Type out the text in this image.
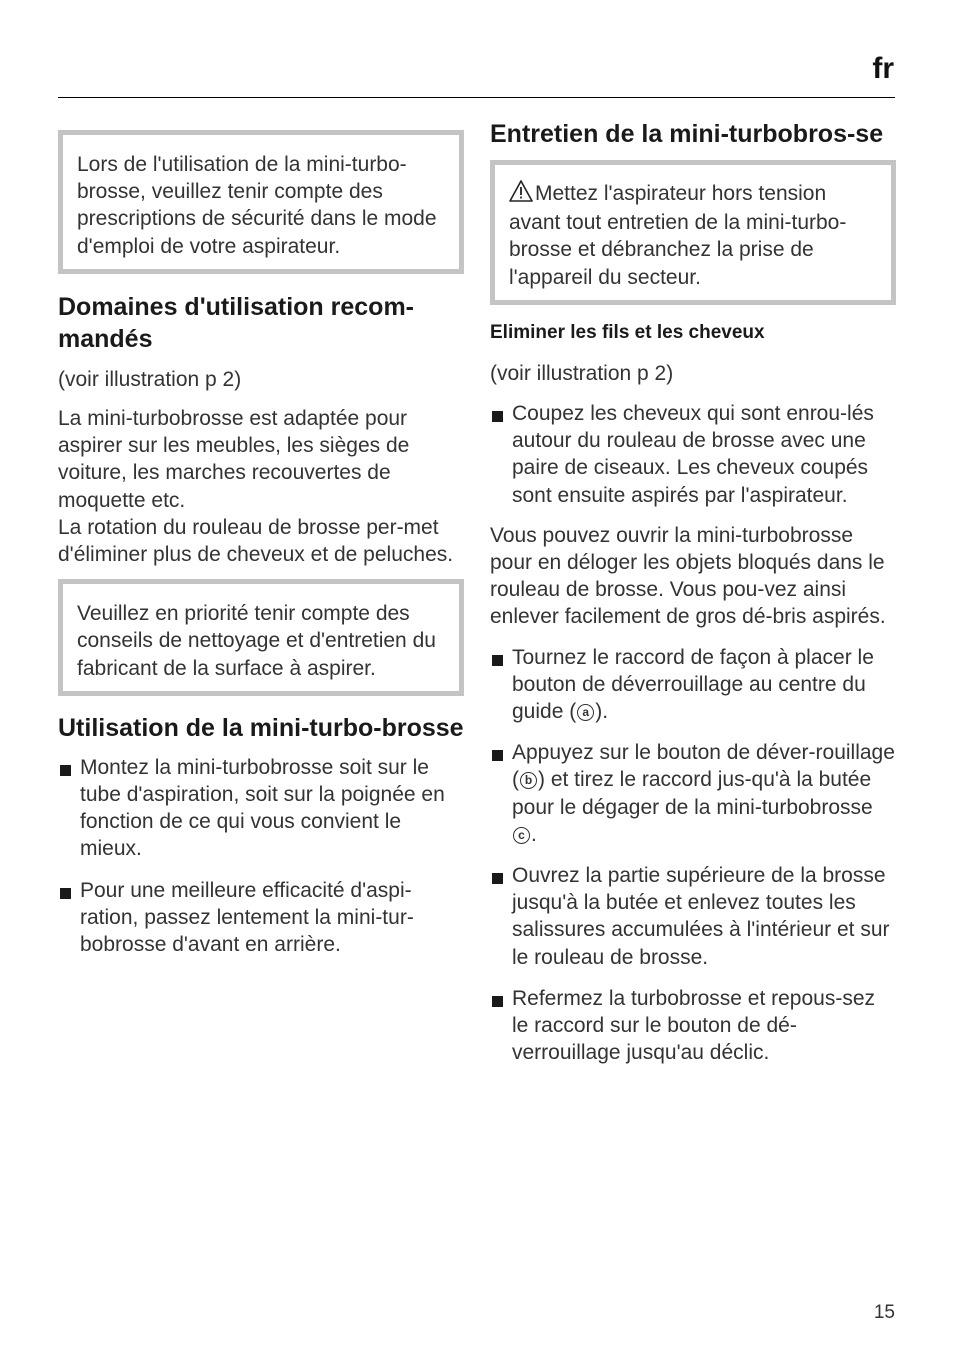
fr

Lors de l'utilisation de la mini-turbo-brosse, veuillez tenir compte des prescriptions de sécurité dans le mode d'emploi de votre aspirateur.

Domaines d'utilisation recom-mandés

(voir illustration p 2)

La mini-turbobrosse est adaptée pour aspirer sur les meubles, les sièges de voiture, les marches recouvertes de moquette etc.

La rotation du rouleau de brosse per-met d'éliminer plus de cheveux et de peluches.

Veuillez en priorité tenir compte des conseils de nettoyage et d'entretien du fabricant de la surface à aspirer.

Utilisation de la mini-turbo-brosse
Montez la mini-turbobrosse soit sur le tube d'aspiration, soit sur la poignée en fonction de ce qui vous convient le mieux.
Pour une meilleure efficacité d'aspi-ration, passez lentement la mini-tur-bobrosse d'avant en arrière.
Entretien de la mini-turbobros-se

Mettez l'aspirateur hors tension avant tout entretien de la mini-turbo-brosse et débranchez la prise de l'appareil du secteur.

Eliminer les fils et les cheveux

(voir illustration p 2)

Coupez les cheveux qui sont enrou-lés autour du rouleau de brosse avec une paire de ciseaux. Les cheveux coupés sont ensuite aspirés par l'aspirateur.

Vous pouvez ouvrir la mini-turbobrosse pour en déloger les objets bloqués dans le rouleau de brosse. Vous pou-vez ainsi enlever facilement de gros dé-bris aspirés.

Tournez le raccord de façon à placer le bouton de déverrouillage au centre du guide ( a ).
Appuyez sur le bouton de déver-rouillage ( b ) et tirez le raccord jus-qu'à la butée pour le dégager de la mini-turbobrosse c .
Ouvrez la partie supérieure de la brosse jusqu'à la butée et enlevez toutes les salissures accumulées à l'intérieur et sur le rouleau de brosse.
Refermez la turbobrosse et repous-sez le raccord sur le bouton de dé-verrouillage jusqu'au déclic.
15
